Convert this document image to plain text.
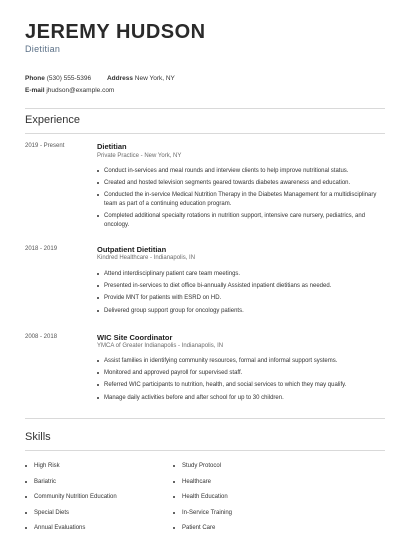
JEREMY HUDSON
Dietitian
Phone (530) 555-5396 Address New York, NY
E-mail jhudson@example.com
Experience
2019 - Present	Dietitian
Private Practice - New York, NY
Conduct in-services and meal rounds and interview clients to help improve nutritional status.
Created and hosted television segments geared towards diabetes awareness and education.
Conducted the in-service Medical Nutrition Therapy in the Diabetes Management for a multidisciplinary team as part of a continuing education program.
Completed additional specialty rotations in nutrition support, intensive care nursery, pediatrics, and oncology.
2018 - 2019	Outpatient Dietitian
Kindred Healthcare - Indianapolis, IN
Attend interdisciplinary patient care team meetings.
Presented in-services to diet office bi-annually Assisted inpatient dietitians as needed.
Provide MNT for patients with ESRD on HD.
Delivered group support group for oncology patients.
2008 - 2018	WIC Site Coordinator
YMCA of Greater Indianapolis - Indianapolis, IN
Assist families in identifying community resources, formal and informal support systems.
Monitored and approved payroll for supervised staff.
Referred WIC participants to nutrition, health, and social services to which they may qualify.
Manage daily activities before and after school for up to 30 children.
Skills
High Risk
Bariatric
Community Nutrition Education
Special Diets
Annual Evaluations
Study Protocol
Healthcare
Health Education
In-Service Training
Patient Care
